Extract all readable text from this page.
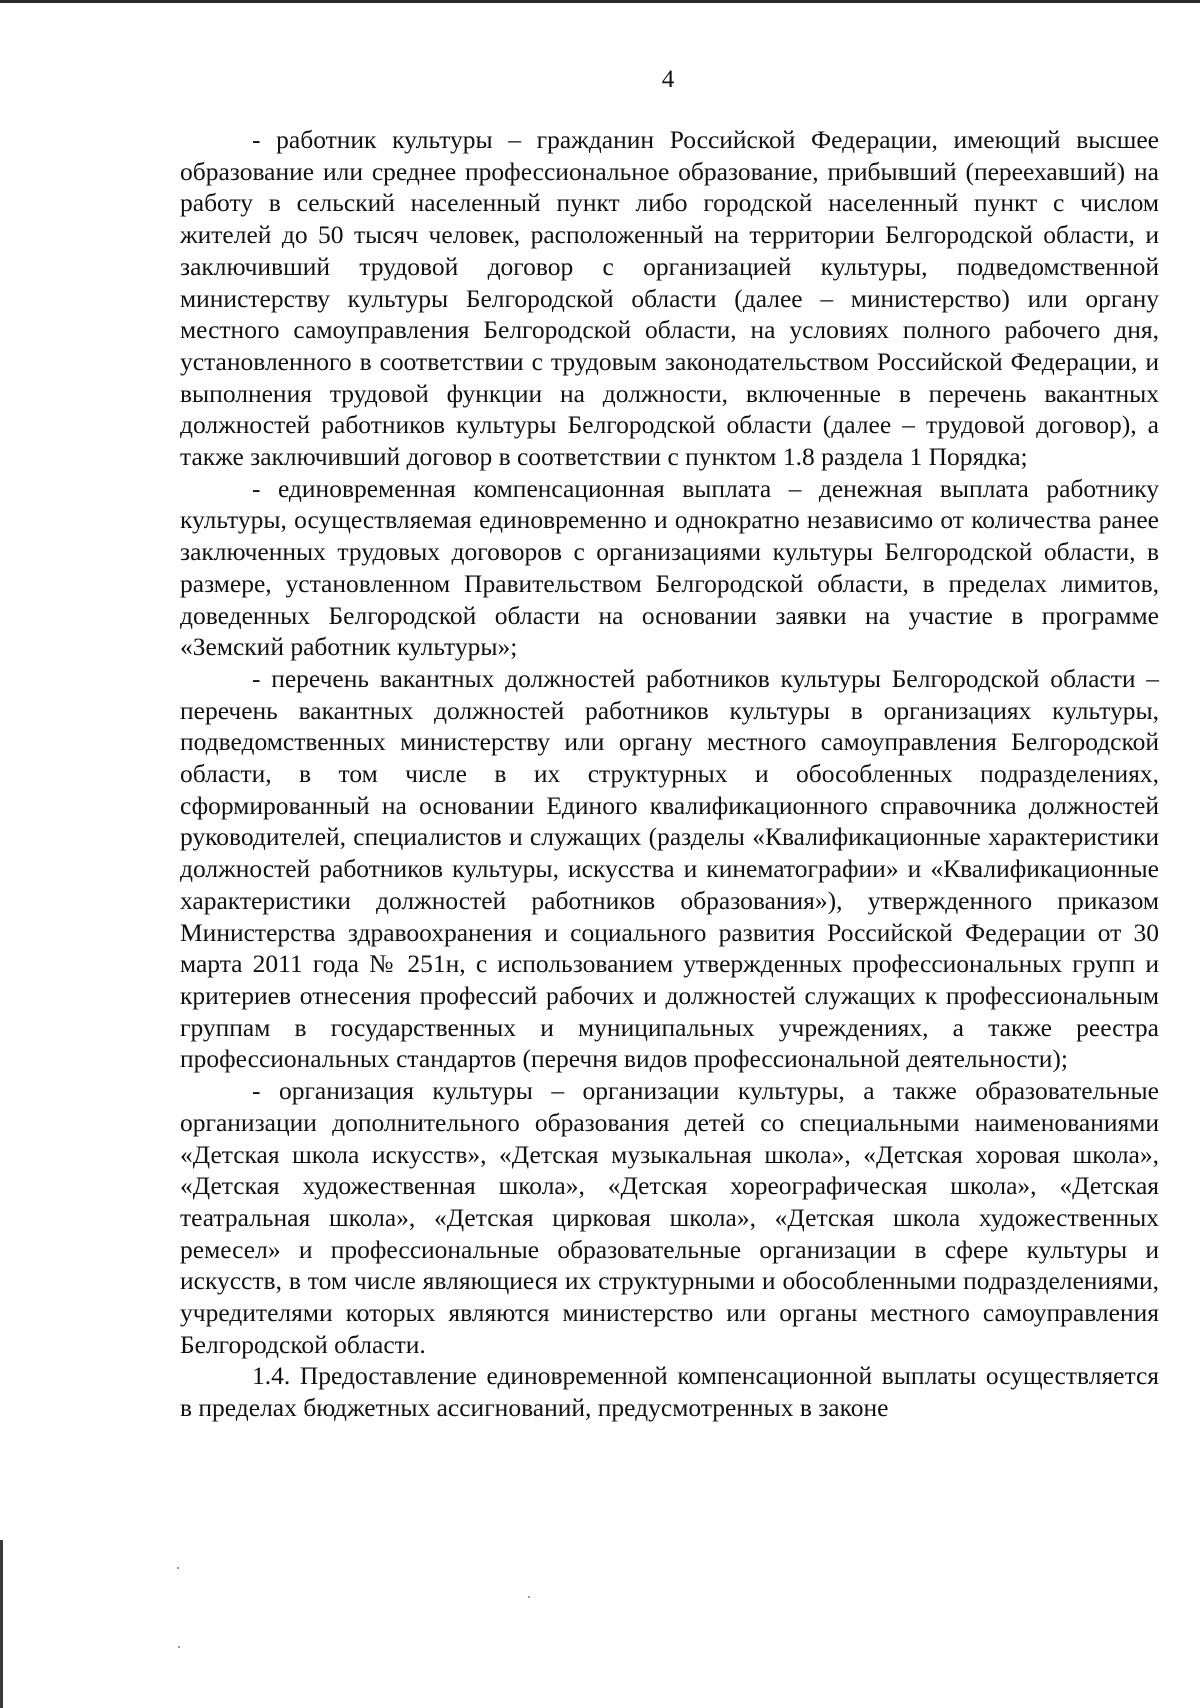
4

- работник культуры – гражданин Российской Федерации, имеющий высшее образование или среднее профессиональное образование, прибывший (переехавший) на работу в сельский населенный пункт либо городской населенный пункт с числом жителей до 50 тысяч человек, расположенный на территории Белгородской области, и заключивший трудовой договор с организацией культуры, подведомственной министерству культуры Белгородской области (далее – министерство) или органу местного самоуправления Белгородской области, на условиях полного рабочего дня, установленного в соответствии с трудовым законодательством Российской Федерации, и выполнения трудовой функции на должности, включенные в перечень вакантных должностей работников культуры Белгородской области (далее – трудовой договор), а также заключивший договор в соответствии с пунктом 1.8 раздела 1 Порядка;

- единовременная компенсационная выплата – денежная выплата работнику культуры, осуществляемая единовременно и однократно независимо от количества ранее заключенных трудовых договоров с организациями культуры Белгородской области, в размере, установленном Правительством Белгородской области, в пределах лимитов, доведенных Белгородской области на основании заявки на участие в программе «Земский работник культуры»;

- перечень вакантных должностей работников культуры Белгородской области – перечень вакантных должностей работников культуры в организациях культуры, подведомственных министерству или органу местного самоуправления Белгородской области, в том числе в их структурных и обособленных подразделениях, сформированный на основании Единого квалификационного справочника должностей руководителей, специалистов и служащих (разделы «Квалификационные характеристики должностей работников культуры, искусства и кинематографии» и «Квалификационные характеристики должностей работников образования»), утвержденного приказом Министерства здравоохранения и социального развития Российской Федерации от 30 марта 2011 года № 251н, с использованием утвержденных профессиональных групп и критериев отнесения профессий рабочих и должностей служащих к профессиональным группам в государственных и муниципальных учреждениях, а также реестра профессиональных стандартов (перечня видов профессиональной деятельности);

- организация культуры – организации культуры, а также образовательные организации дополнительного образования детей со специальными наименованиями «Детская школа искусств», «Детская музыкальная школа», «Детская хоровая школа», «Детская художественная школа», «Детская хореографическая школа», «Детская театральная школа», «Детская цирковая школа», «Детская школа художественных ремесел» и профессиональные образовательные организации в сфере культуры и искусств, в том числе являющиеся их структурными и обособленными подразделениями, учредителями которых являются министерство или органы местного самоуправления Белгородской области.

1.4. Предоставление единовременной компенсационной выплаты осуществляется в пределах бюджетных ассигнований, предусмотренных в законе
